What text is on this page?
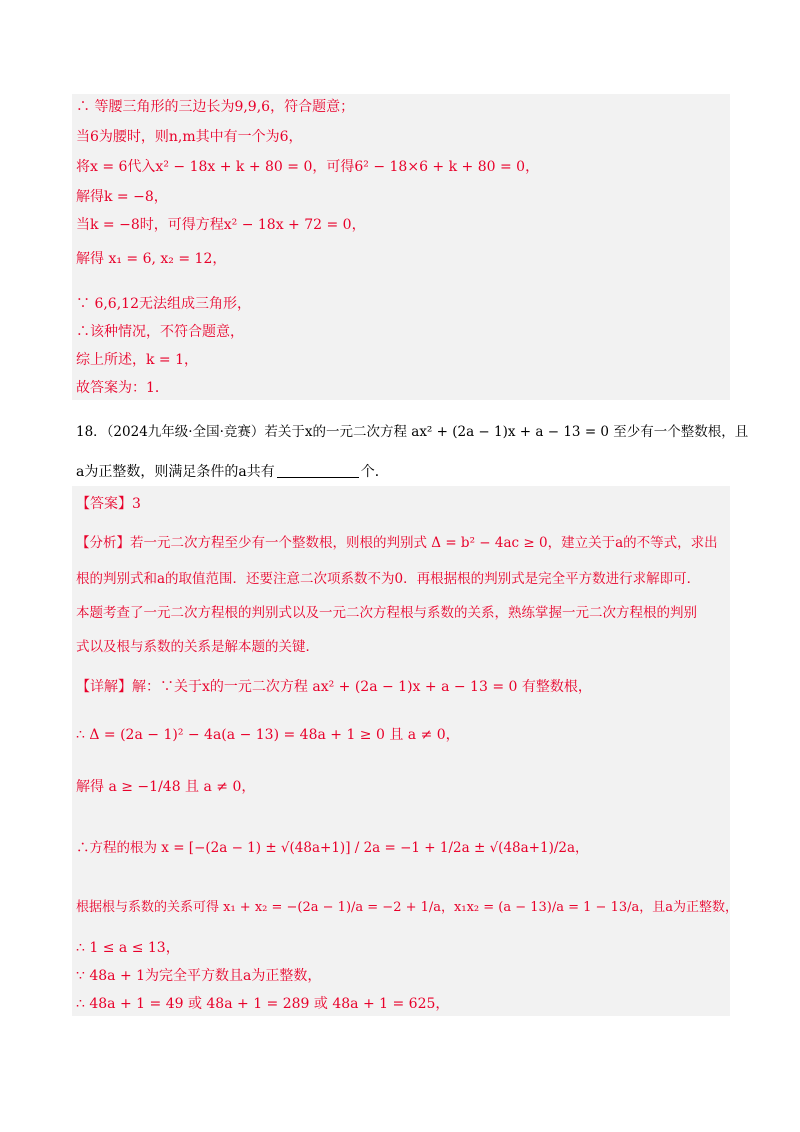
∴ 等腰三角形的三边长为9,9,6，符合题意；
当6为腰时，则n,m其中有一个为6，
将x = 6代入x² − 18x + k + 80 = 0，可得6² − 18×6 + k + 80 = 0，
解得k = −8，
当k = −8时，可得方程x² − 18x + 72 = 0，
解得 x₁ = 6, x₂ = 12，
∵ 6,6,12无法组成三角形，
∴该种情况，不符合题意，
综上所述，k = 1，
故答案为：1．
18．（2024九年级·全国·竞赛）若关于x的一元二次方程 ax² + (2a − 1)x + a − 13 = 0 至少有一个整数根，且
a为正整数，则满足条件的a共有	个．
【答案】3
【分析】若一元二次方程至少有一个整数根，则根的判别式 Δ = b² − 4ac ≥ 0，建立关于a的不等式，求出
根的判别式和a的取值范围．还要注意二次项系数不为0．再根据根的判别式是完全平方数进行求解即可．
本题考查了一元二次方程根的判别式以及一元二次方程根与系数的关系，熟练掌握一元二次方程根的判别
式以及根与系数的关系是解本题的关键．
【详解】解：∵关于x的一元二次方程 ax² + (2a − 1)x + a − 13 = 0 有整数根，
∴ Δ = (2a − 1)² − 4a(a − 13) = 48a + 1 ≥ 0 且 a ≠ 0，
解得 a ≥ −1/48 且 a ≠ 0，
∴方程的根为 x = [−(2a − 1) ± √(48a+1)] / 2a = −1 + 1/2a ± √(48a+1)/2a，
根据根与系数的关系可得 x₁ + x₂ = −(2a − 1)/a = −2 + 1/a，x₁x₂ = (a − 13)/a = 1 − 13/a，且a为正整数，
∴ 1 ≤ a ≤ 13，
∵ 48a + 1为完全平方数且a为正整数，
∴ 48a + 1 = 49 或 48a + 1 = 289 或 48a + 1 = 625，
